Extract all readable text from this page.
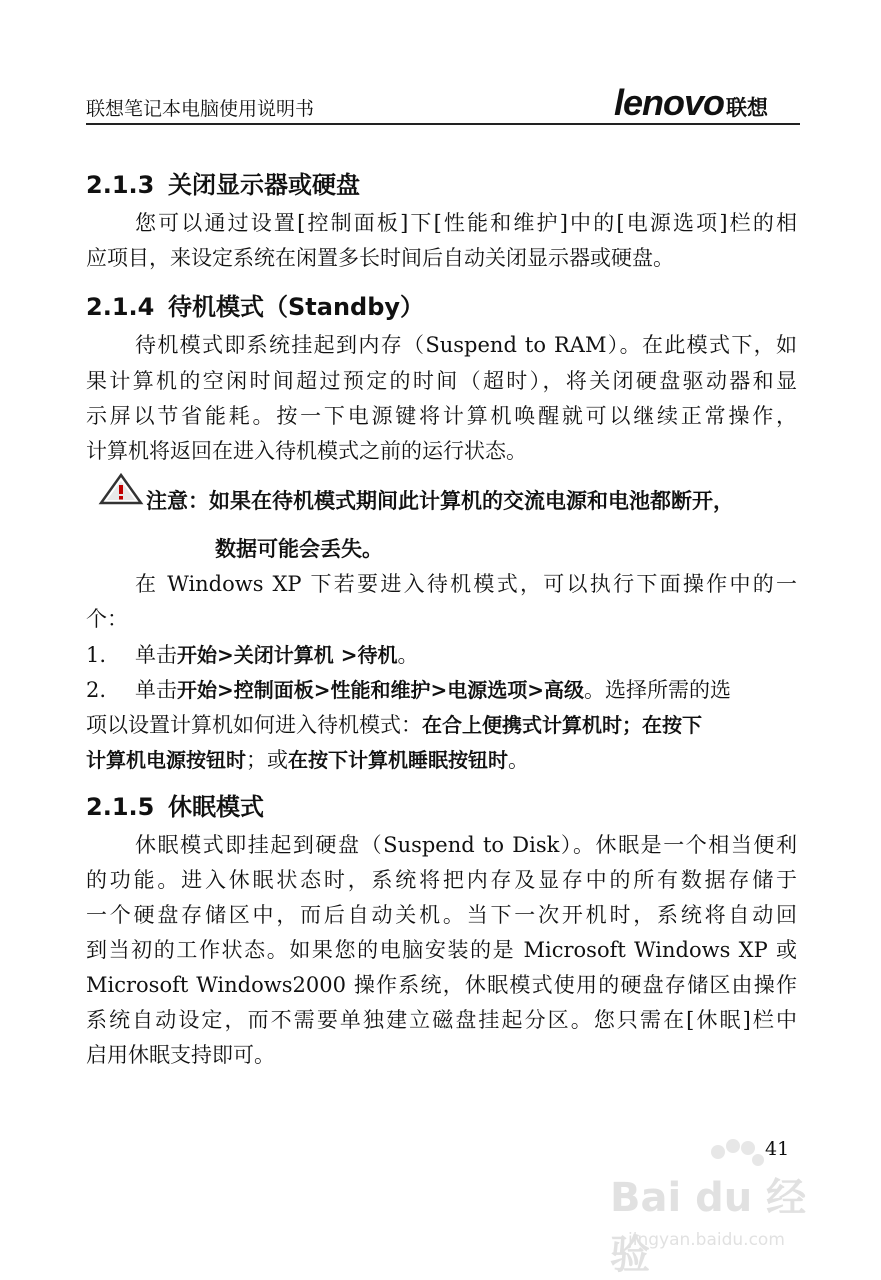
联想笔记本电脑使用说明书	lenovo 联想
2.1.3 关闭显示器或硬盘
您可以通过设置[控制面板]下[性能和维护]中的[电源选项]栏的相
应项目，来设定系统在闲置多长时间后自动关闭显示器或硬盘。
2.1.4 待机模式（Standby）
待机模式即系统挂起到内存（Suspend to RAM）。在此模式下，如
果计算机的空闲时间超过预定的时间（超时），将关闭硬盘驱动器和显
示屏以节省能耗。按一下电源键将计算机唤醒就可以继续正常操作，
计算机将返回在进入待机模式之前的运行状态。
注意：如果在待机模式期间此计算机的交流电源和电池都断开，
数据可能会丢失。
在 Windows XP 下若要进入待机模式，可以执行下面操作中的一
个：
1. 单击开始>关闭计算机 >待机。
2. 单击开始>控制面板>性能和维护>电源选项>高级。选择所需的选
项以设置计算机如何进入待机模式：在合上便携式计算机时；在按下
计算机电源按钮时；或在按下计算机睡眠按钮时。
2.1.5 休眠模式
休眠模式即挂起到硬盘（Suspend to Disk）。休眠是一个相当便利
的功能。进入休眠状态时，系统将把内存及显存中的所有数据存储于
一个硬盘存储区中，而后自动关机。当下一次开机时，系统将自动回
到当初的工作状态。如果您的电脑安装的是 Microsoft Windows XP 或
Microsoft Windows2000 操作系统，休眠模式使用的硬盘存储区由操作
系统自动设定，而不需要单独建立磁盘挂起分区。您只需在[休眠]栏中
启用休眠支持即可。
Bai du 经验
jingyan.baidu.com
41
